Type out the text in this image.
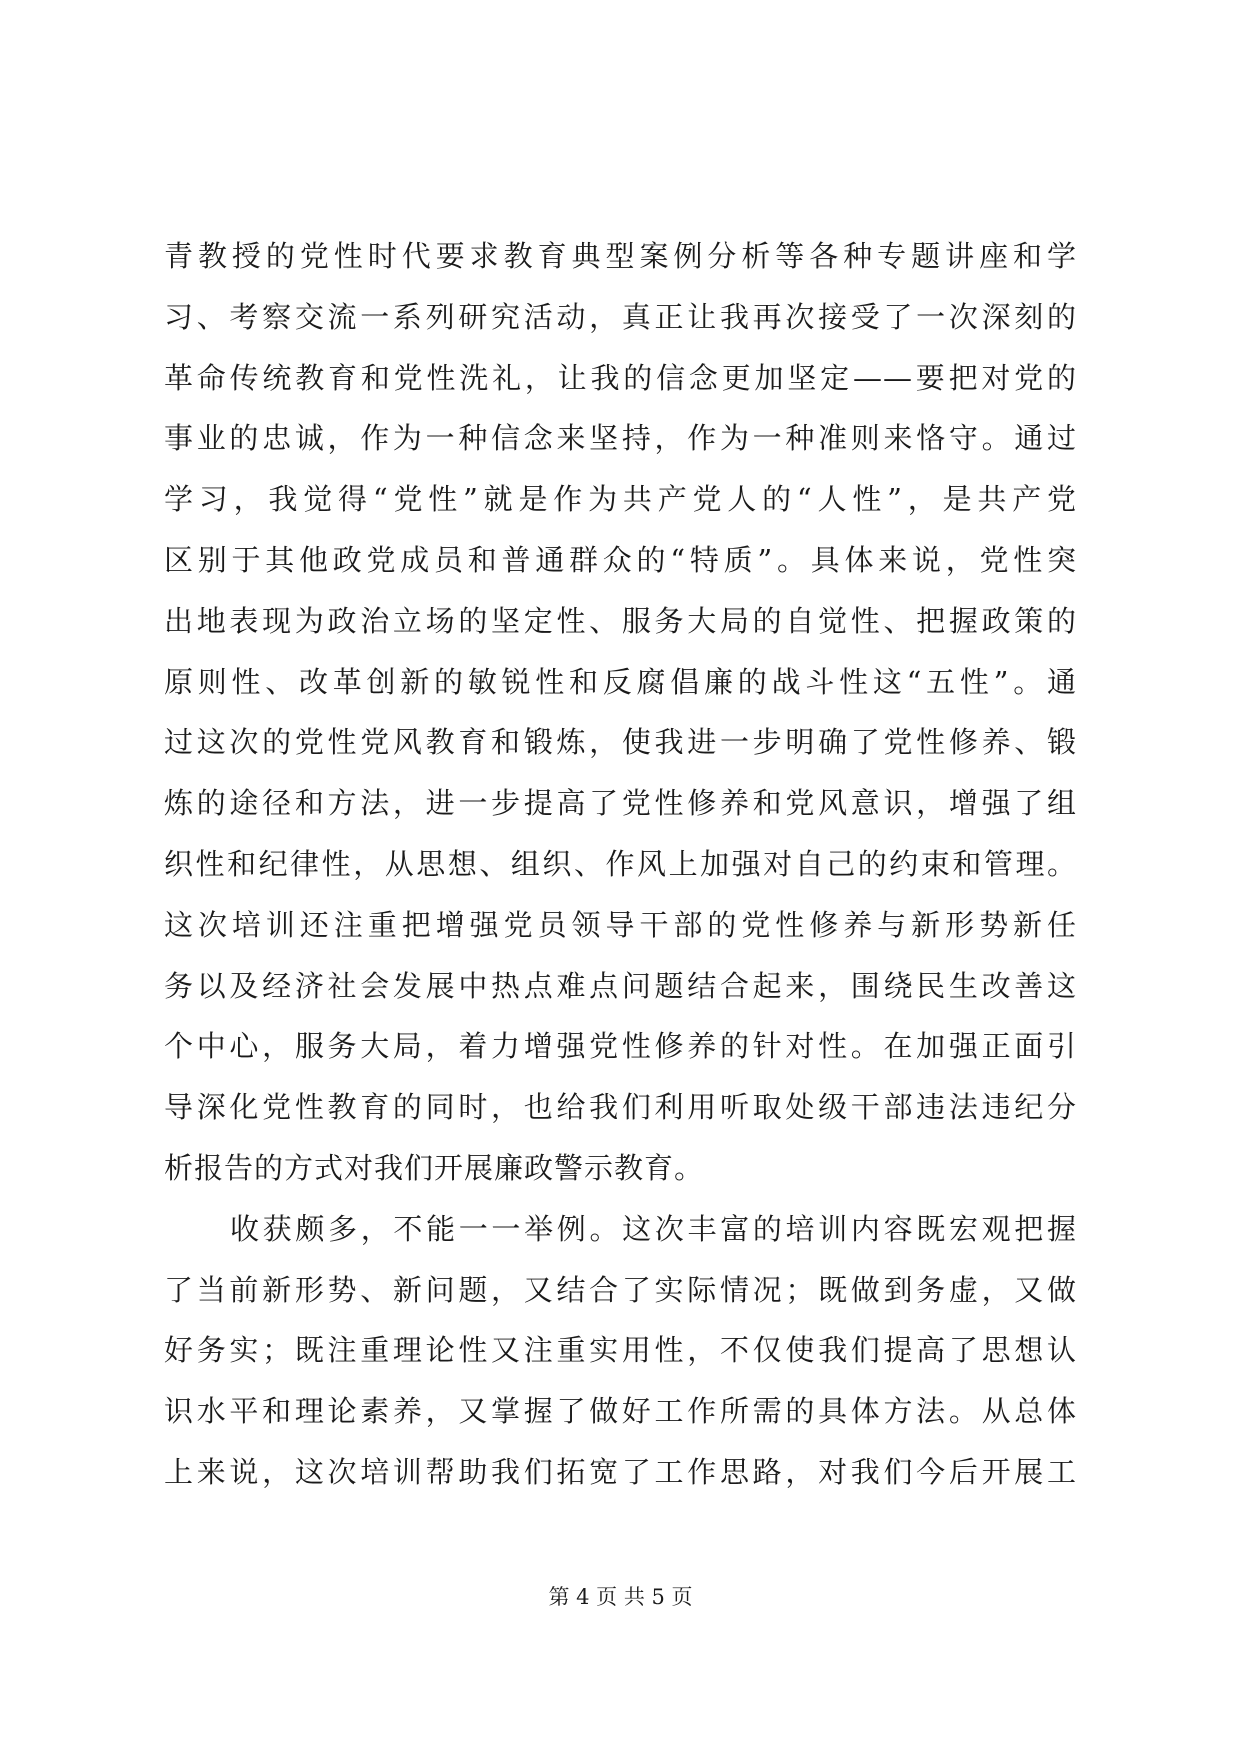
青教授的党性时代要求教育典型案例分析等各种专题讲座和学
习、考察交流一系列研究活动，真正让我再次接受了一次深刻的
革命传统教育和党性洗礼，让我的信念更加坚定——要把对党的
事业的忠诚，作为一种信念来坚持，作为一种准则来恪守。通过
学习，我觉得“党性”就是作为共产党人的“人性”，是共产党
区别于其他政党成员和普通群众的“特质”。具体来说，党性突
出地表现为政治立场的坚定性、服务大局的自觉性、把握政策的
原则性、改革创新的敏锐性和反腐倡廉的战斗性这“五性”。通
过这次的党性党风教育和锻炼，使我进一步明确了党性修养、锻
炼的途径和方法，进一步提高了党性修养和党风意识，增强了组
织性和纪律性，从思想、组织、作风上加强对自己的约束和管理。
这次培训还注重把增强党员领导干部的党性修养与新形势新任
务以及经济社会发展中热点难点问题结合起来，围绕民生改善这
个中心，服务大局，着力增强党性修养的针对性。在加强正面引
导深化党性教育的同时，也给我们利用听取处级干部违法违纪分
析报告的方式对我们开展廉政警示教育。
收获颇多，不能一一举例。这次丰富的培训内容既宏观把握
了当前新形势、新问题，又结合了实际情况；既做到务虚，又做
好务实；既注重理论性又注重实用性，不仅使我们提高了思想认
识水平和理论素养，又掌握了做好工作所需的具体方法。从总体
上来说，这次培训帮助我们拓宽了工作思路，对我们今后开展工
第 4 页 共 5 页
